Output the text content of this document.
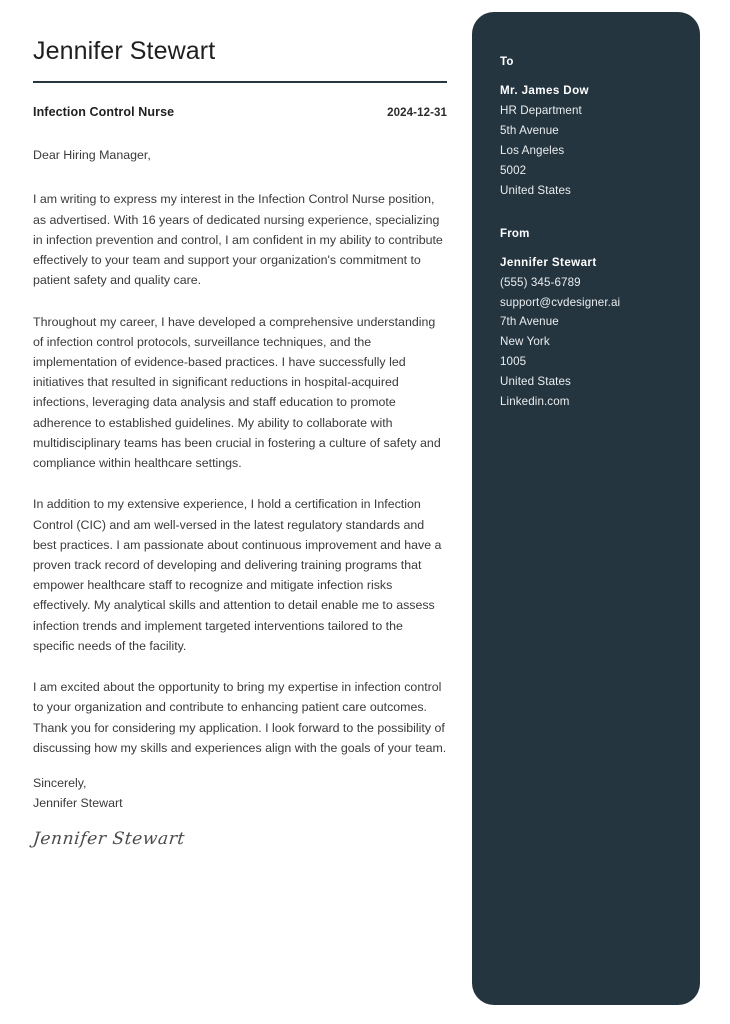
Jennifer Stewart
Infection Control Nurse	2024-12-31
Dear Hiring Manager,

I am writing to express my interest in the Infection Control Nurse position, as advertised. With 16 years of dedicated nursing experience, specializing in infection prevention and control, I am confident in my ability to contribute effectively to your team and support your organization's commitment to patient safety and quality care.

Throughout my career, I have developed a comprehensive understanding of infection control protocols, surveillance techniques, and the implementation of evidence-based practices. I have successfully led initiatives that resulted in significant reductions in hospital-acquired infections, leveraging data analysis and staff education to promote adherence to established guidelines. My ability to collaborate with multidisciplinary teams has been crucial in fostering a culture of safety and compliance within healthcare settings.

In addition to my extensive experience, I hold a certification in Infection Control (CIC) and am well-versed in the latest regulatory standards and best practices. I am passionate about continuous improvement and have a proven track record of developing and delivering training programs that empower healthcare staff to recognize and mitigate infection risks effectively. My analytical skills and attention to detail enable me to assess infection trends and implement targeted interventions tailored to the specific needs of the facility.

I am excited about the opportunity to bring my expertise in infection control to your organization and contribute to enhancing patient care outcomes. Thank you for considering my application. I look forward to the possibility of discussing how my skills and experiences align with the goals of your team.

Sincerely,
Jennifer Stewart
Jennifer Stewart
To
Mr. James Dow
HR Department
5th Avenue
Los Angeles
5002
United States
From
Jennifer Stewart
(555) 345-6789
support@cvdesigner.ai
7th Avenue
New York
1005
United States
Linkedin.com
